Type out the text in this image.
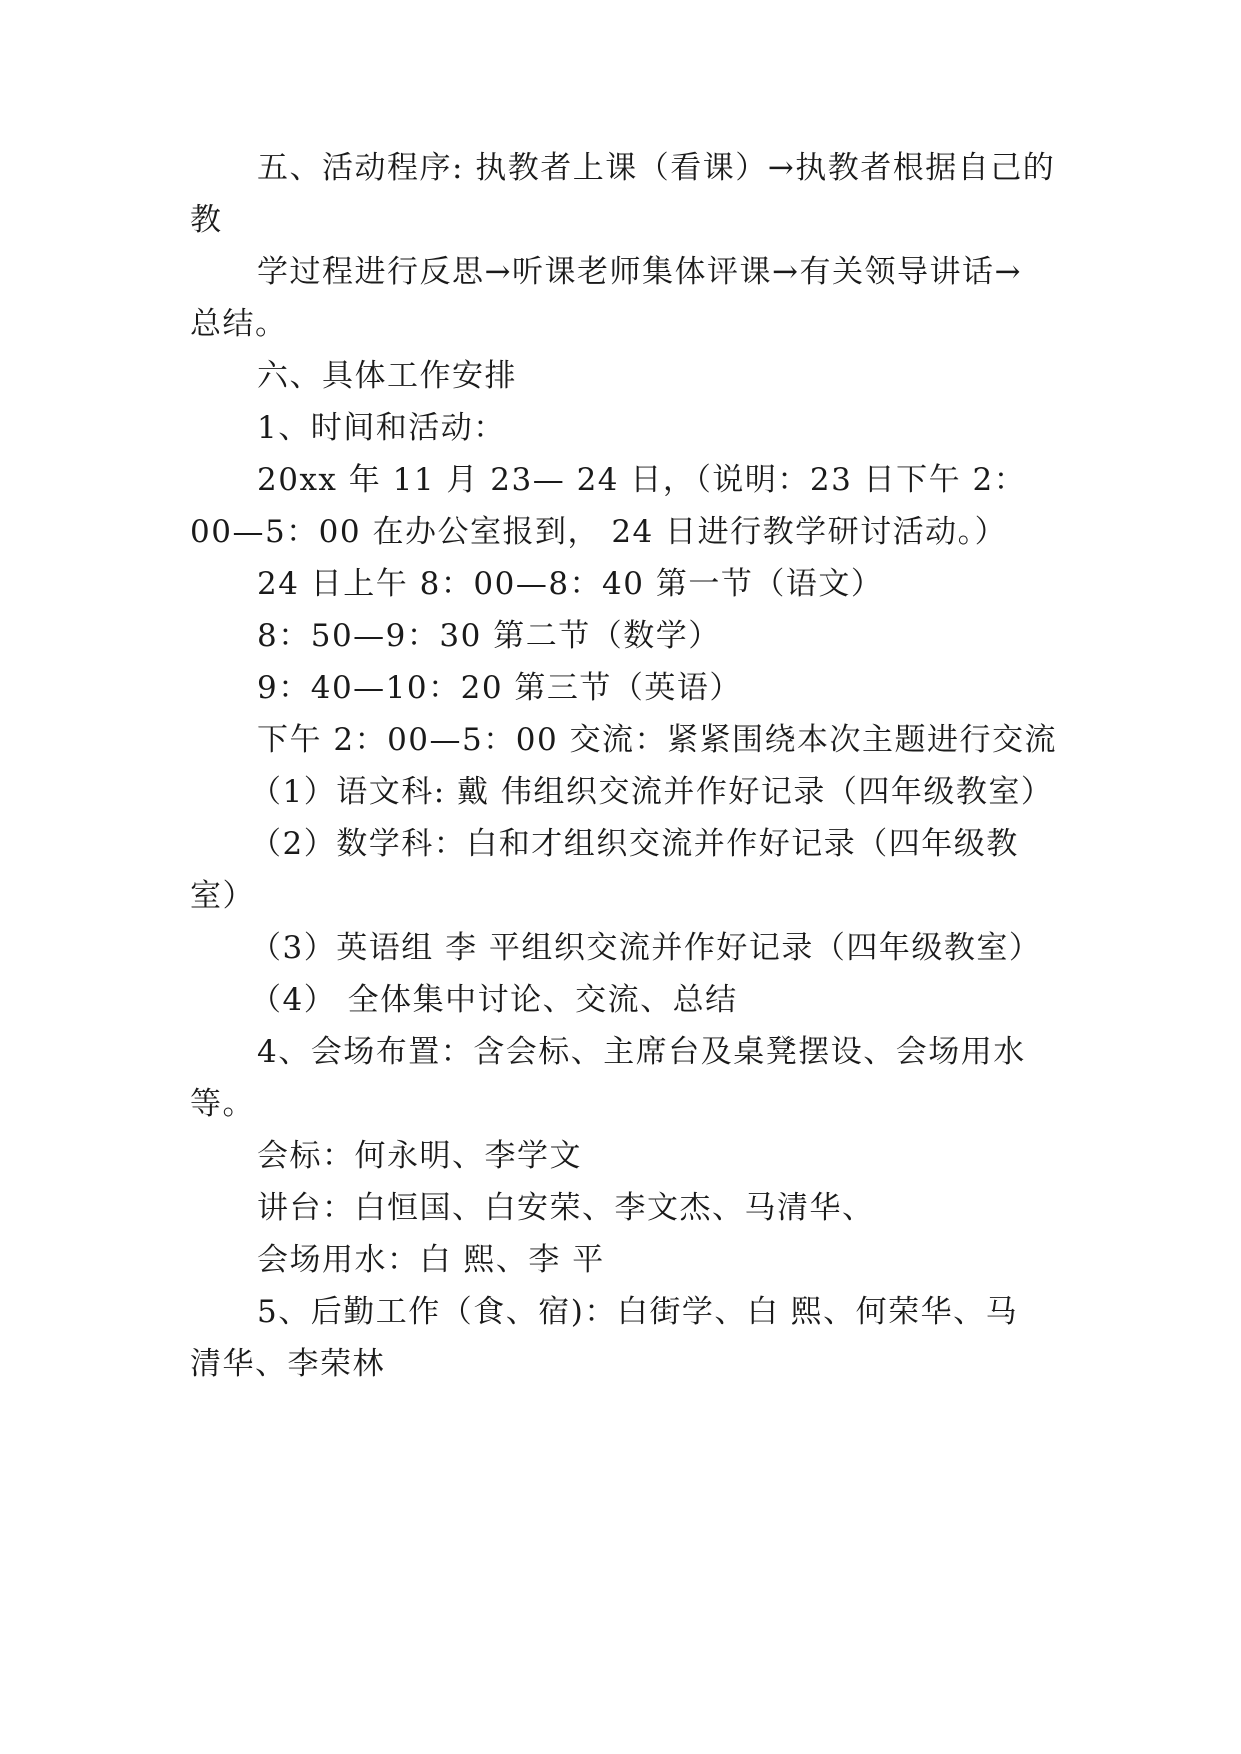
五、活动程序: 执教者上课（看课）→执教者根据自己的
教
学过程进行反思→听课老师集体评课→有关领导讲话→
总结。
六、具体工作安排
1、时间和活动：
20xx 年 11 月 23— 24 日，（说明：23 日下午 2：
00—5：00 在办公室报到， 24 日进行教学研讨活动。）
24 日上午 8：00—8：40 第一节（语文）
8：50—9：30 第二节（数学）
9：40—10：20 第三节（英语）
下午 2：00—5：00 交流：紧紧围绕本次主题进行交流
（1）语文科: 戴 伟组织交流并作好记录（四年级教室）
（2）数学科：白和才组织交流并作好记录（四年级教
室）
（3）英语组 李 平组织交流并作好记录（四年级教室）
（4） 全体集中讨论、交流、总结
4、会场布置：含会标、主席台及桌凳摆设、会场用水
等。
会标：何永明、李学文
讲台：白恒国、白安荣、李文杰、马清华、
会场用水：白 熙、李 平
5、后勤工作（食、宿)：白街学、白 熙、何荣华、马
清华、李荣林
